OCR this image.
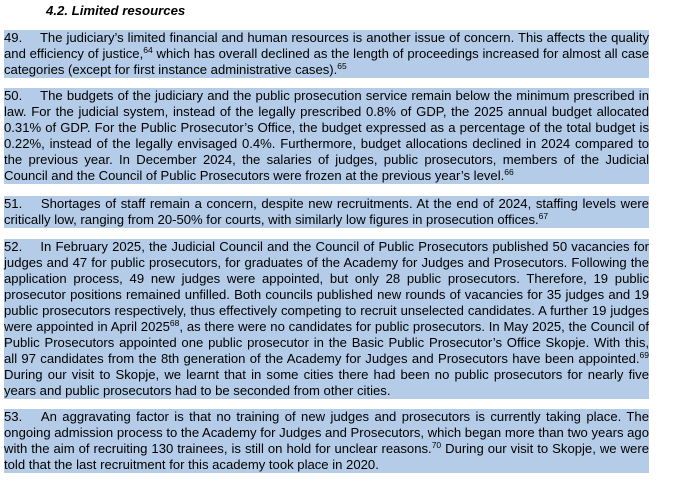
4.2. Limited resources

49. The judiciary’s limited financial and human resources is another issue of concern. This affects the quality and efficiency of justice,$^{64}$ which has overall declined as the length of proceedings increased for almost all case categories (except for first instance administrative cases).$^{65}$

50. The budgets of the judiciary and the public prosecution service remain below the minimum prescribed in law. For the judicial system, instead of the legally prescribed 0.8% of GDP, the 2025 annual budget allocated 0.31% of GDP. For the Public Prosecutor’s Office, the budget expressed as a percentage of the total budget is 0.22%, instead of the legally envisaged 0.4%. Furthermore, budget allocations declined in 2024 compared to the previous year. In December 2024, the salaries of judges, public prosecutors, members of the Judicial Council and the Council of Public Prosecutors were frozen at the previous year’s level.$^{66}$

51. Shortages of staff remain a concern, despite new recruitments. At the end of 2024, staffing levels were critically low, ranging from 20-50% for courts, with similarly low figures in prosecution offices.$^{67}$

52. In February 2025, the Judicial Council and the Council of Public Prosecutors published 50 vacancies for judges and 47 for public prosecutors, for graduates of the Academy for Judges and Prosecutors. Following the application process, 49 new judges were appointed, but only 28 public prosecutors. Therefore, 19 public prosecutor positions remained unfilled. Both councils published new rounds of vacancies for 35 judges and 19 public prosecutors respectively, thus effectively competing to recruit unselected candidates. A further 19 judges were appointed in April 2025$^{68}$, as there were no candidates for public prosecutors. In May 2025, the Council of Public Prosecutors appointed one public prosecutor in the Basic Public Prosecutor’s Office Skopje. With this, all 97 candidates from the 8th generation of the Academy for Judges and Prosecutors have been appointed.$^{69}$ During our visit to Skopje, we learnt that in some cities there had been no public prosecutors for nearly five years and public prosecutors had to be seconded from other cities.

53. An aggravating factor is that no training of new judges and prosecutors is currently taking place. The ongoing admission process to the Academy for Judges and Prosecutors, which began more than two years ago with the aim of recruiting 130 trainees, is still on hold for unclear reasons.$^{70}$ During our visit to Skopje, we were told that the last recruitment for this academy took place in 2020.
